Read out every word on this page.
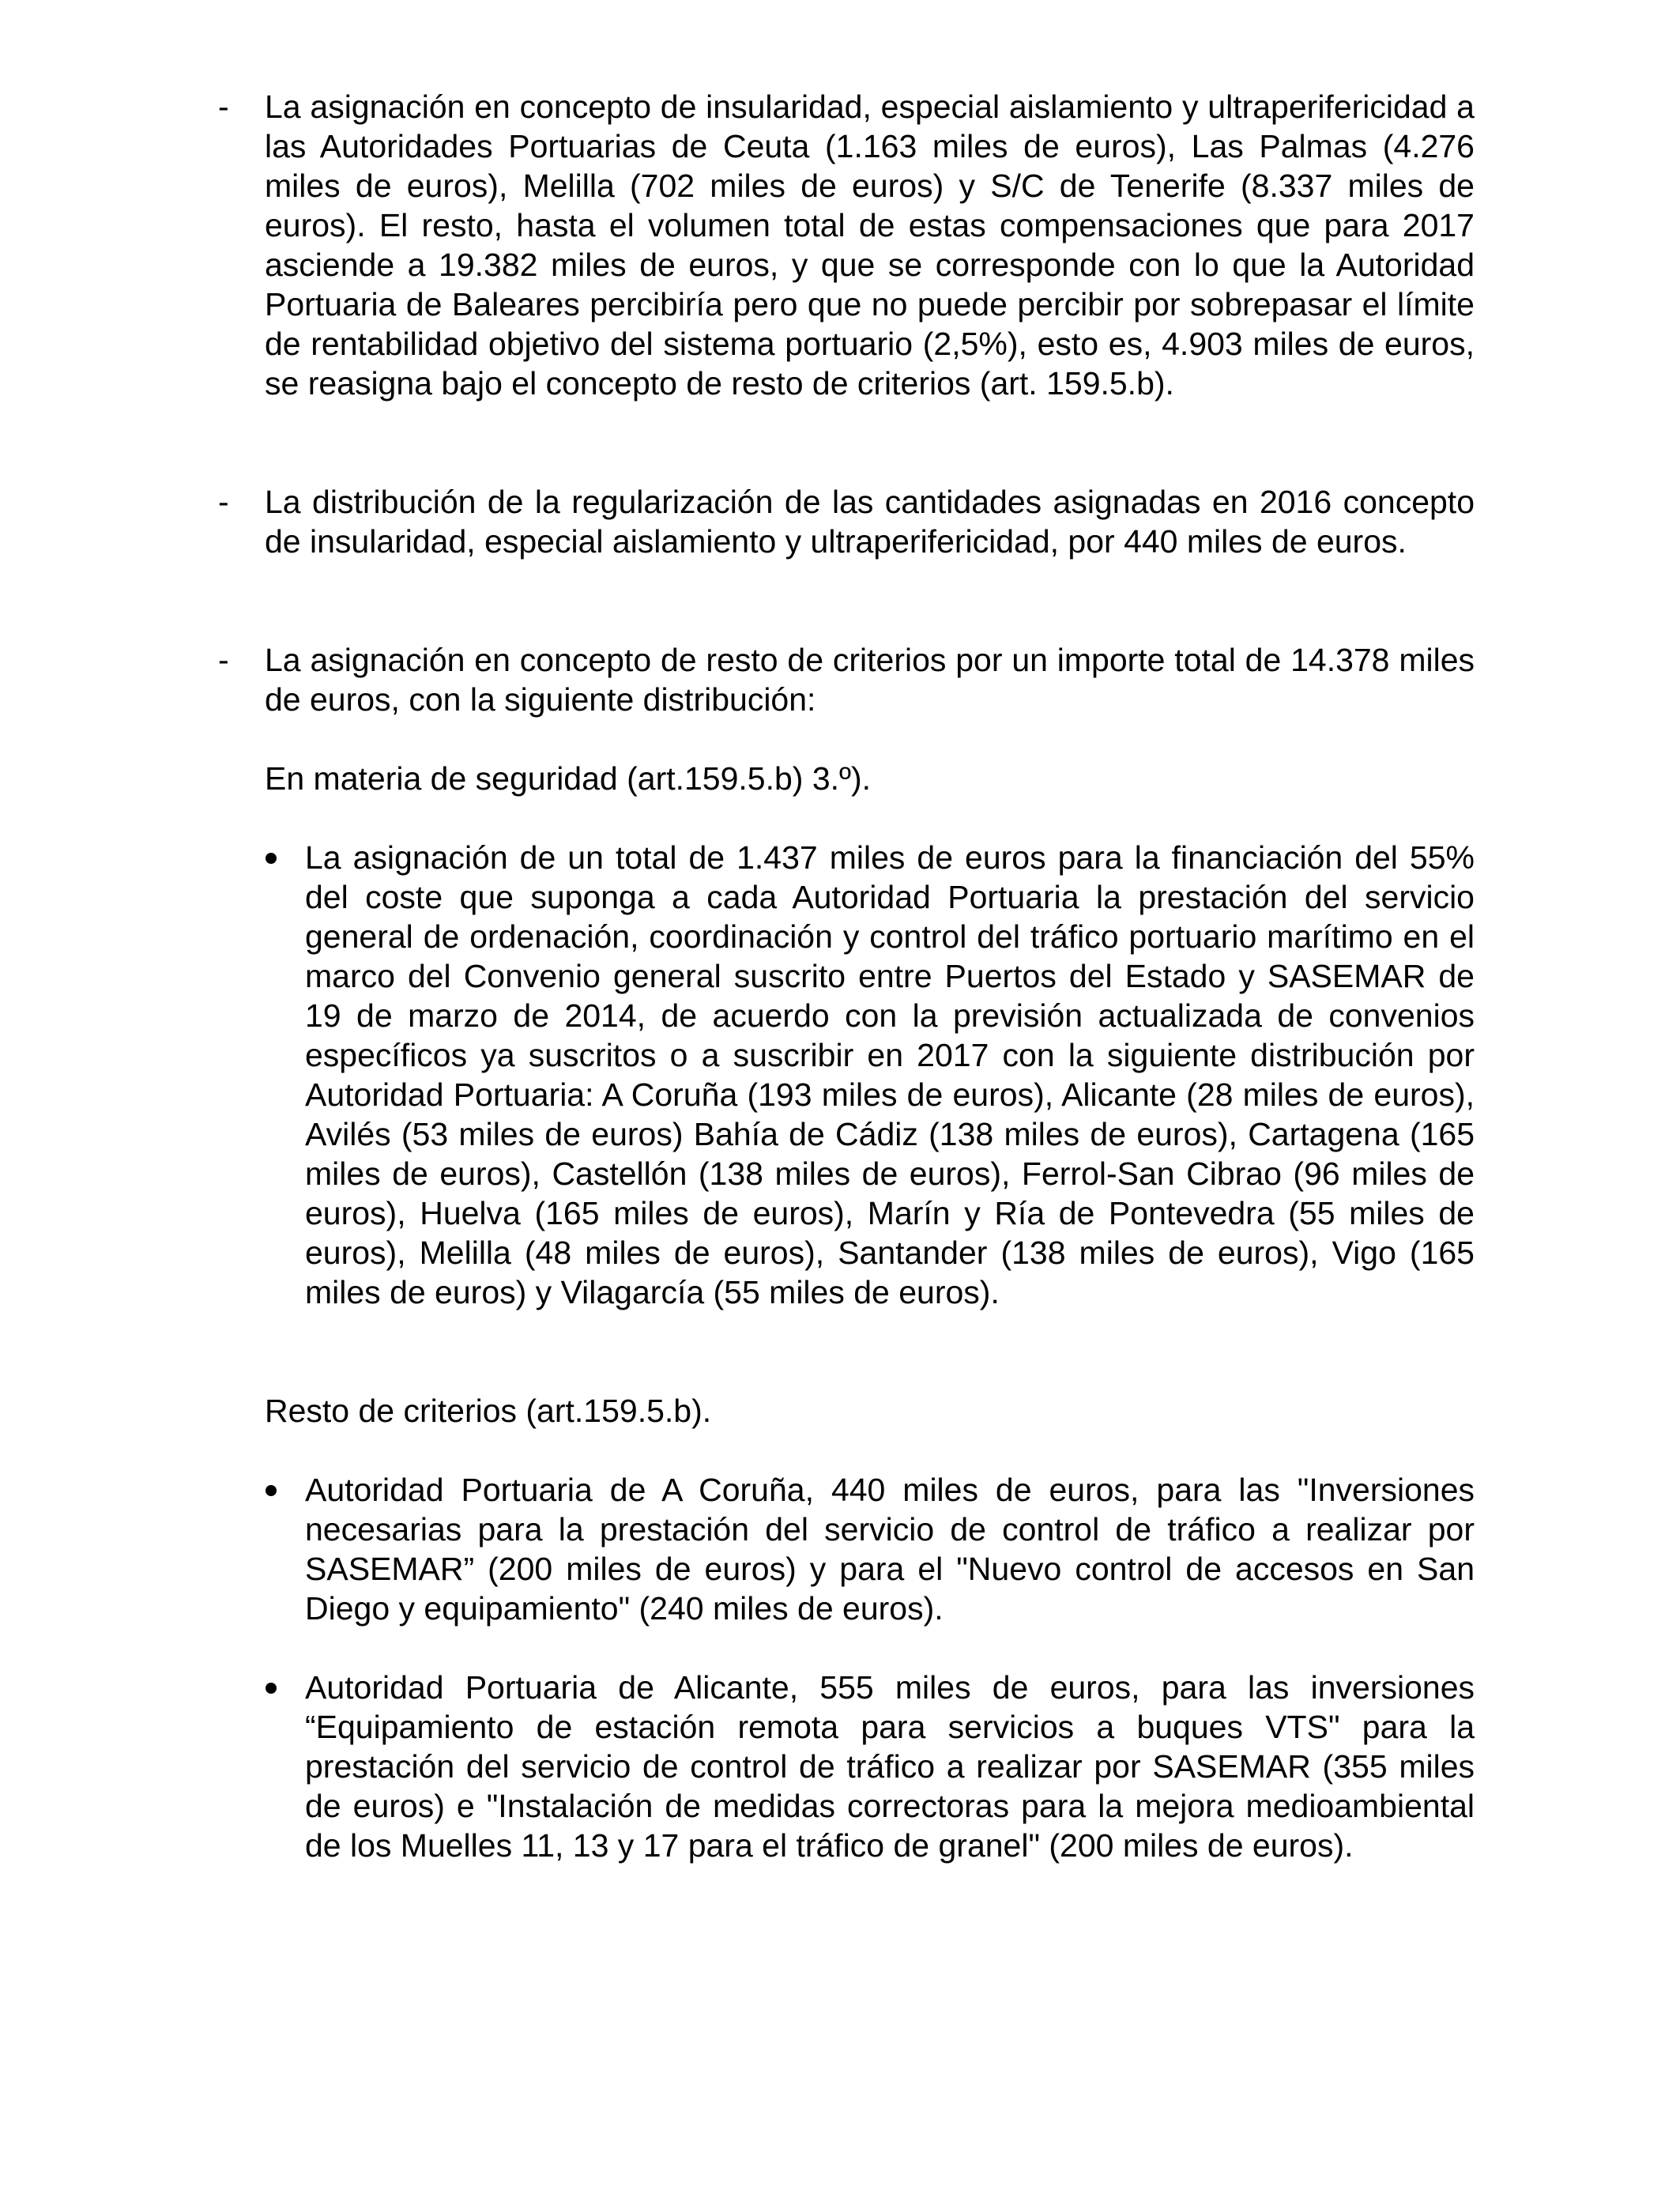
- La asignación en concepto de insularidad, especial aislamiento y ultraperifericidad a las Autoridades Portuarias de Ceuta (1.163 miles de euros), Las Palmas (4.276 miles de euros), Melilla (702 miles de euros) y S/C de Tenerife (8.337 miles de euros). El resto, hasta el volumen total de estas compensaciones que para 2017 asciende a 19.382 miles de euros, y que se corresponde con lo que la Autoridad Portuaria de Baleares percibiría pero que no puede percibir por sobrepasar el límite de rentabilidad objetivo del sistema portuario (2,5%), esto es, 4.903 miles de euros, se reasigna bajo el concepto de resto de criterios (art. 159.5.b).

- La distribución de la regularización de las cantidades asignadas en 2016 concepto de insularidad, especial aislamiento y ultraperifericidad, por 440 miles de euros.

- La asignación en concepto de resto de criterios por un importe total de 14.378 miles de euros, con la siguiente distribución:

En materia de seguridad (art.159.5.b) 3.º).

La asignación de un total de 1.437 miles de euros para la financiación del 55% del coste que suponga a cada Autoridad Portuaria la prestación del servicio general de ordenación, coordinación y control del tráfico portuario marítimo en el marco del Convenio general suscrito entre Puertos del Estado y SASEMAR de 19 de marzo de 2014, de acuerdo con la previsión actualizada de convenios específicos ya suscritos o a suscribir en 2017 con la siguiente distribución por Autoridad Portuaria: A Coruña (193 miles de euros), Alicante (28 miles de euros), Avilés (53 miles de euros) Bahía de Cádiz (138 miles de euros), Cartagena (165 miles de euros), Castellón (138 miles de euros), Ferrol-San Cibrao (96 miles de euros), Huelva (165 miles de euros), Marín y Ría de Pontevedra (55 miles de euros), Melilla (48 miles de euros), Santander (138 miles de euros), Vigo (165 miles de euros) y Vilagarcía (55 miles de euros).

Resto de criterios (art.159.5.b).

Autoridad Portuaria de A Coruña, 440 miles de euros, para las "Inversiones necesarias para la prestación del servicio de control de tráfico a realizar por SASEMAR” (200 miles de euros) y para el "Nuevo control de accesos en San Diego y equipamiento" (240 miles de euros).

Autoridad Portuaria de Alicante, 555 miles de euros, para las inversiones “Equipamiento de estación remota para servicios a buques VTS" para la prestación del servicio de control de tráfico a realizar por SASEMAR (355 miles de euros) e "Instalación de medidas correctoras para la mejora medioambiental de los Muelles 11, 13 y 17 para el tráfico de granel" (200 miles de euros).
